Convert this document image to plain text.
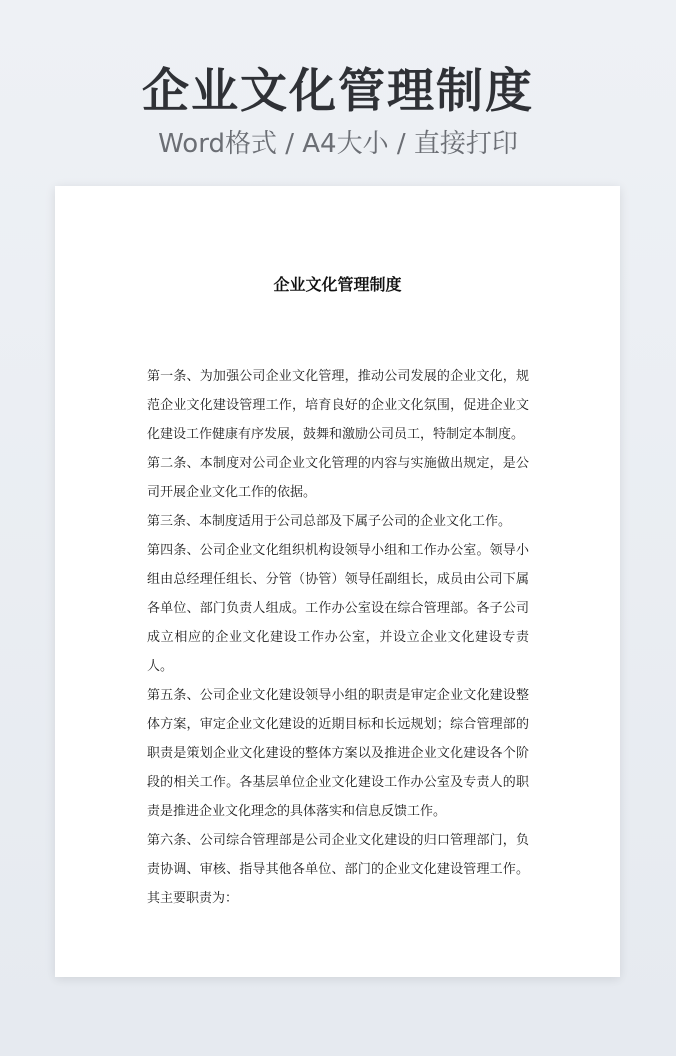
企业文化管理制度
Word格式 / A4大小 / 直接打印
企业文化管理制度

第一条、为加强公司企业文化管理，推动公司发展的企业文化，规范企业文化建设管理工作，培育良好的企业文化氛围，促进企业文化建设工作健康有序发展，鼓舞和激励公司员工，特制定本制度。

第二条、本制度对公司企业文化管理的内容与实施做出规定，是公司开展企业文化工作的依据。

第三条、本制度适用于公司总部及下属子公司的企业文化工作。

第四条、公司企业文化组织机构设领导小组和工作办公室。领导小组由总经理任组长、分管（协管）领导任副组长，成员由公司下属各单位、部门负责人组成。工作办公室设在综合管理部。各子公司成立相应的企业文化建设工作办公室，并设立企业文化建设专责人。

第五条、公司企业文化建设领导小组的职责是审定企业文化建设整体方案，审定企业文化建设的近期目标和长远规划；综合管理部的职责是策划企业文化建设的整体方案以及推进企业文化建设各个阶段的相关工作。各基层单位企业文化建设工作办公室及专责人的职责是推进企业文化理念的具体落实和信息反馈工作。

第六条、公司综合管理部是公司企业文化建设的归口管理部门，负责协调、审核、指导其他各单位、部门的企业文化建设管理工作。其主要职责为：
